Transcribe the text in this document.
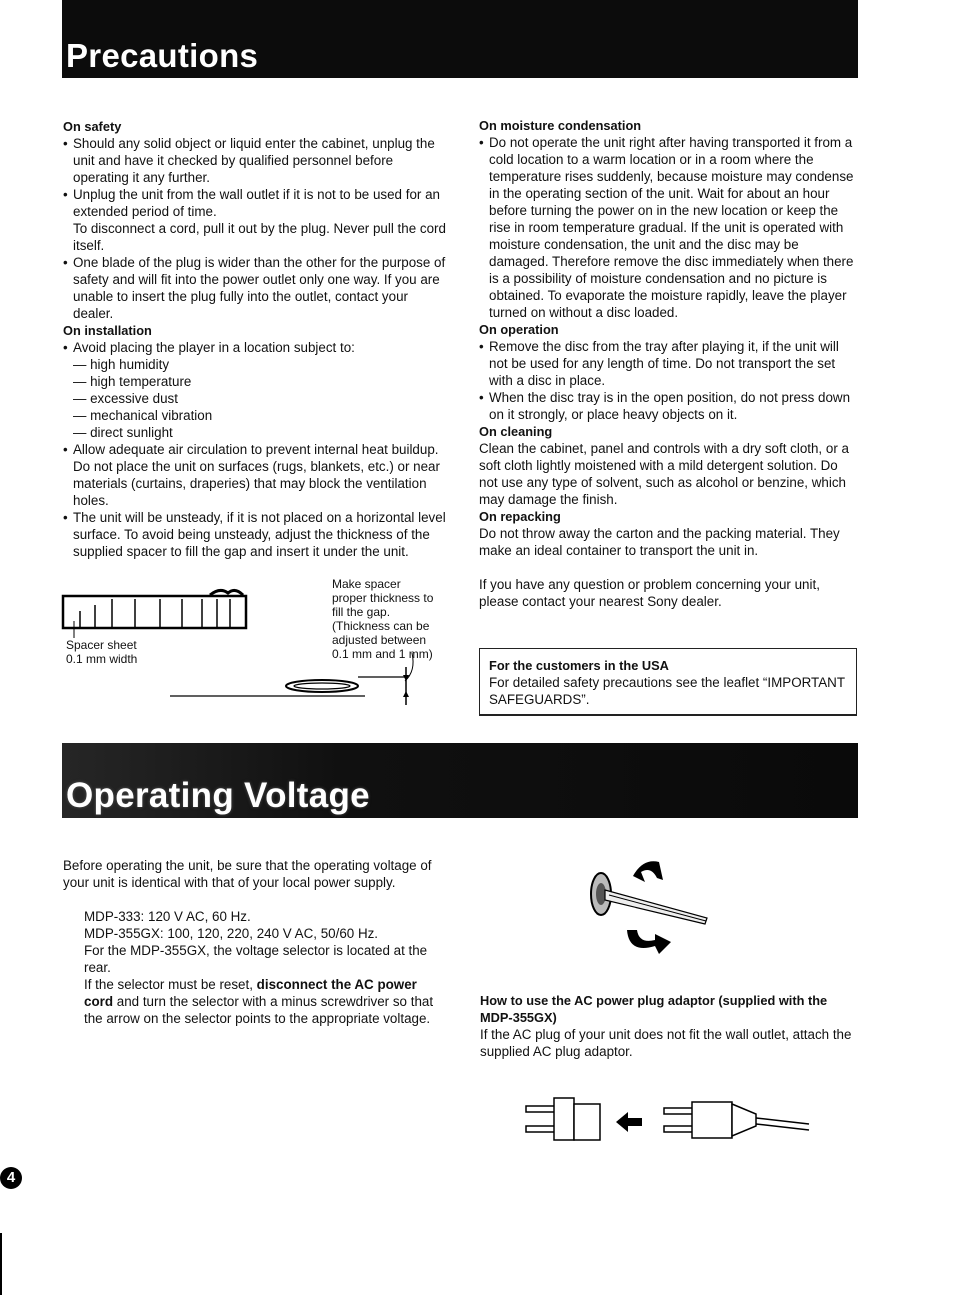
Precautions
On safety

• Should any solid object or liquid enter the cabinet, unplug the unit and have it checked by qualified personnel before operating it any further.

• Unplug the unit from the wall outlet if it is not to be used for an extended period of time.

To disconnect a cord, pull it out by the plug. Never pull the cord itself.

• One blade of the plug is wider than the other for the purpose of safety and will fit into the power outlet only one way. If you are unable to insert the plug fully into the outlet, contact your dealer.

On installation

• Avoid placing the player in a location subject to:

— high humidity

— high temperature

— excessive dust

— mechanical vibration

— direct sunlight

• Allow adequate air circulation to prevent internal heat buildup. Do not place the unit on surfaces (rugs, blankets, etc.) or near materials (curtains, draperies) that may block the ventilation holes.

• The unit will be unsteady, if it is not placed on a horizontal level surface. To avoid being unsteady, adjust the thickness of the supplied spacer to fill the gap and insert it under the unit.

Spacer sheet
0.1 mm width
Make spacer
proper thickness to
fill the gap.
(Thickness can be
adjusted between
0.1 mm and 1 mm)
On moisture condensation

• Do not operate the unit right after having transported it from a cold location to a warm location or in a room where the temperature rises suddenly, because moisture may condense in the operating section of the unit. Wait for about an hour before turning the power on in the new location or keep the rise in room temperature gradual. If the unit is operated with moisture condensation, the unit and the disc may be damaged. Therefore remove the disc immediately when there is a possibility of moisture condensation and no picture is obtained. To evaporate the moisture rapidly, leave the player turned on without a disc loaded.

On operation

• Remove the disc from the tray after playing it, if the unit will not be used for any length of time. Do not transport the set with a disc in place.

• When the disc tray is in the open position, do not press down on it strongly, or place heavy objects on it.

On cleaning

Clean the cabinet, panel and controls with a dry soft cloth, or a soft cloth lightly moistened with a mild detergent solution. Do not use any type of solvent, such as alcohol or benzine, which may damage the finish.

On repacking

Do not throw away the carton and the packing material. They make an ideal container to transport the unit in.

If you have any question or problem concerning your unit, please contact your nearest Sony dealer.

For the customers in the USA
For detailed safety precautions see the leaflet “IMPORTANT SAFEGUARDS”.
Operating Voltage

Before operating the unit, be sure that the operating voltage of your unit is identical with that of your local power supply.

MDP-333: 120 V AC, 60 Hz.

MDP-355GX: 100, 120, 220, 240 V AC, 50/60 Hz.

For the MDP-355GX, the voltage selector is located at the rear.

If the selector must be reset, disconnect the AC power cord and turn the selector with a minus screwdriver so that the arrow on the selector points to the appropriate voltage.

How to use the AC power plug adaptor (supplied with the MDP-355GX)

If the AC plug of your unit does not fit the wall outlet, attach the supplied AC plug adaptor.

4
